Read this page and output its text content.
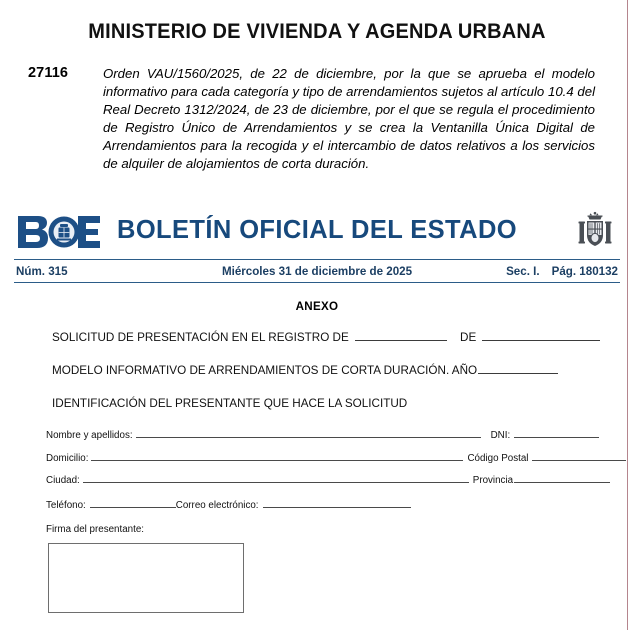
MINISTERIO DE VIVIENDA Y AGENDA URBANA
27116	Orden VAU/1560/2025, de 22 de diciembre, por la que se aprueba el modelo informativo para cada categoría y tipo de arrendamientos sujetos al artículo 10.4 del Real Decreto 1312/2024, de 23 de diciembre, por el que se regula el procedimiento de Registro Único de Arrendamientos y se crea la Ventanilla Única Digital de Arrendamientos para la recogida y el intercambio de datos relativos a los servicios de alquiler de alojamientos de corta duración.
BOLETÍN OFICIAL DEL ESTADO
Núm. 315	Miércoles 31 de diciembre de 2025	Sec. I. Pág. 180132
ANEXO
SOLICITUD DE PRESENTACIÓN EN EL REGISTRO DE	DE
MODELO INFORMATIVO DE ARRENDAMIENTOS DE CORTA DURACIÓN. AÑO
IDENTIFICACIÓN DEL PRESENTANTE QUE HACE LA SOLICITUD
Nombre y apellidos:	DNI:
Domicilio:	Código Postal
Ciudad:	Provincia
Teléfono:	Correo electrónico:
Firma del presentante:
